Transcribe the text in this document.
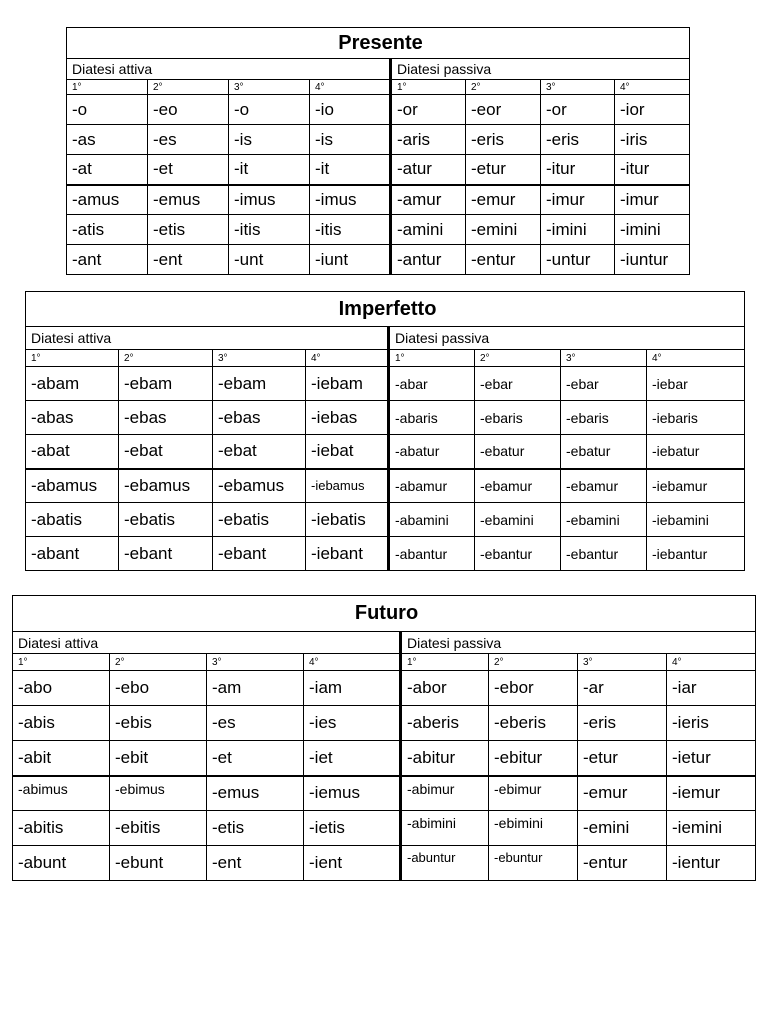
Presente							
Diatesi attiva				Diatesi passiva			
1°	2°	3°	4°	1°	2°	3°	4°
-o	-eo	-o	-io	-or	-eor	-or	-ior
-as	-es	-is	-is	-aris	-eris	-eris	-iris
-at	-et	-it	-it	-atur	-etur	-itur	-itur
-amus	-emus	-imus	-imus	-amur	-emur	-imur	-imur
-atis	-etis	-itis	-itis	-amini	-emini	-imini	-imini
-ant	-ent	-unt	-iunt	-antur	-entur	-untur	-iuntur
Imperfetto							
Diatesi attiva				Diatesi passiva			
1°	2°	3°	4°	1°	2°	3°	4°
-abam	-ebam	-ebam	-iebam	-abar	-ebar	-ebar	-iebar
-abas	-ebas	-ebas	-iebas	-abaris	-ebaris	-ebaris	-iebaris
-abat	-ebat	-ebat	-iebat	-abatur	-ebatur	-ebatur	-iebatur
-abamus	-ebamus	-ebamus	-iebamus	-abamur	-ebamur	-ebamur	-iebamur
-abatis	-ebatis	-ebatis	-iebatis	-abamini	-ebamini	-ebamini	-iebamini
-abant	-ebant	-ebant	-iebant	-abantur	-ebantur	-ebantur	-iebantur
Futuro							
Diatesi attiva				Diatesi passiva			
1°	2°	3°	4°	1°	2°	3°	4°
-abo	-ebo	-am	-iam	-abor	-ebor	-ar	-iar
-abis	-ebis	-es	-ies	-aberis	-eberis	-eris	-ieris
-abit	-ebit	-et	-iet	-abitur	-ebitur	-etur	-ietur
-abimus	-ebimus	-emus	-iemus	-abimur	-ebimur	-emur	-iemur
-abitis	-ebitis	-etis	-ietis	-abimini	-ebimini	-emini	-iemini
-abunt	-ebunt	-ent	-ient	-abuntur	-ebuntur	-entur	-ientur
